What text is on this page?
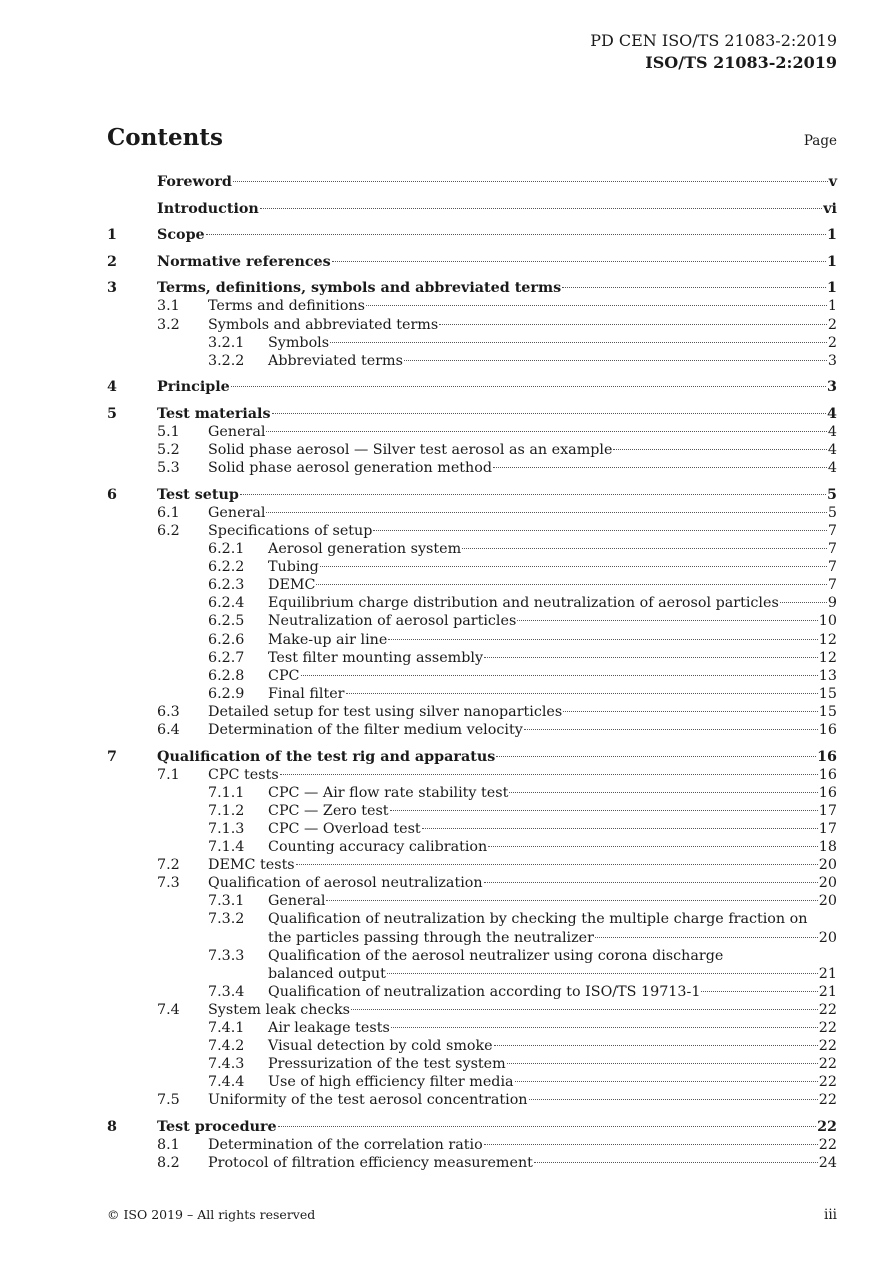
PD CEN ISO/TS 21083-2:2019
ISO/TS 21083-2:2019
Contents	Page
Foreword	v
Introduction	vi
1	Scope	1
2	Normative references	1
3	Terms, definitions, symbols and abbreviated terms	1
3.1	Terms and definitions	1
3.2	Symbols and abbreviated terms	2
3.2.1	Symbols	2
3.2.2	Abbreviated terms	3
4	Principle	3
5	Test materials	4
5.1	General	4
5.2	Solid phase aerosol — Silver test aerosol as an example	4
5.3	Solid phase aerosol generation method	4
6	Test setup	5
6.1	General	5
6.2	Specifications of setup	7
6.2.1	Aerosol generation system	7
6.2.2	Tubing	7
6.2.3	DEMC	7
6.2.4	Equilibrium charge distribution and neutralization of aerosol particles	9
6.2.5	Neutralization of aerosol particles	10
6.2.6	Make-up air line	12
6.2.7	Test filter mounting assembly	12
6.2.8	CPC	13
6.2.9	Final filter	15
6.3	Detailed setup for test using silver nanoparticles	15
6.4	Determination of the filter medium velocity	16
7	Qualification of the test rig and apparatus	16
7.1	CPC tests	16
7.1.1	CPC — Air flow rate stability test	16
7.1.2	CPC — Zero test	17
7.1.3	CPC — Overload test	17
7.1.4	Counting accuracy calibration	18
7.2	DEMC tests	20
7.3	Qualification of aerosol neutralization	20
7.3.1	General	20
7.3.2	Qualification of neutralization by checking the multiple charge fraction on
the particles passing through the neutralizer	20
7.3.3	Qualification of the aerosol neutralizer using corona discharge
balanced output	21
7.3.4	Qualification of neutralization according to ISO/TS 19713-1	21
7.4	System leak checks	22
7.4.1	Air leakage tests	22
7.4.2	Visual detection by cold smoke	22
7.4.3	Pressurization of the test system	22
7.4.4	Use of high efficiency filter media	22
7.5	Uniformity of the test aerosol concentration	22
8	Test procedure	22
8.1	Determination of the correlation ratio	22
8.2	Protocol of filtration efficiency measurement	24
© ISO 2019 – All rights reserved	iii
